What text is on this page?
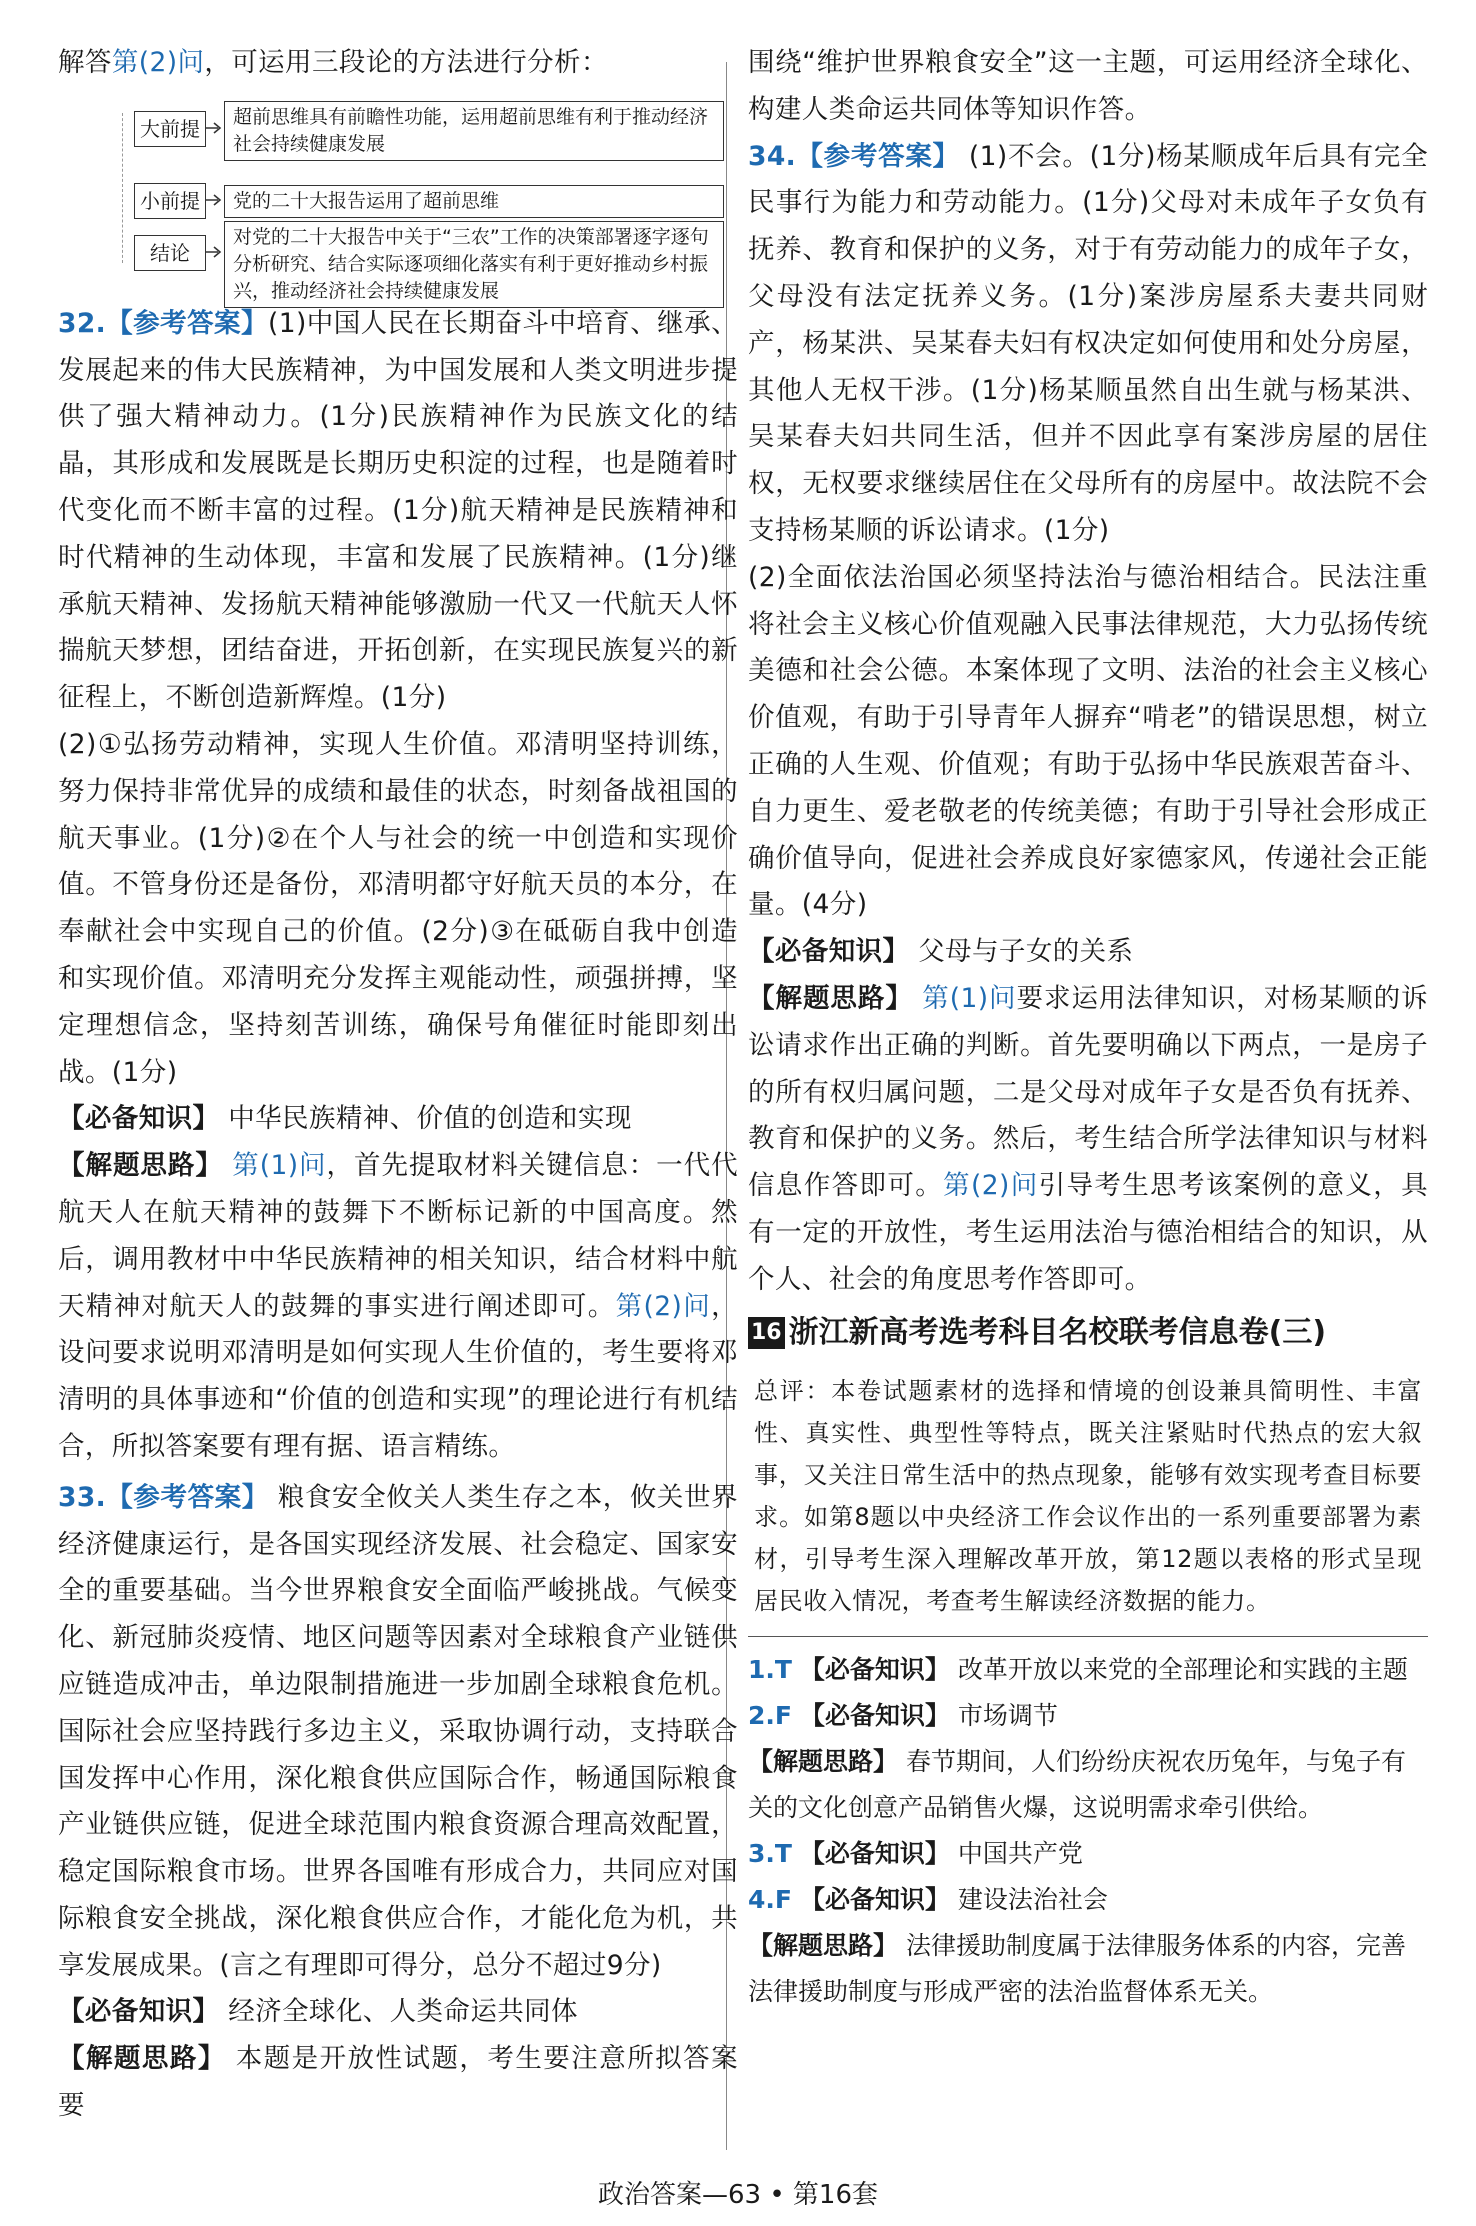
解答第(2)问，可运用三段论的方法进行分析：

大前提	超前思维具有前瞻性功能，运用超前思维有利于推动经济社会持续健康发展
小前提	党的二十大报告运用了超前思维
结论
对党的二十大报告中关于“三农”工作的决策部署逐字逐句分析研究、结合实际逐项细化落实有利于更好推动乡村振兴，推动经济社会持续健康发展

32.【参考答案】(1)中国人民在长期奋斗中培育、继承、发展起来的伟大民族精神，为中国发展和人类文明进步提供了强大精神动力。(1分)民族精神作为民族文化的结晶，其形成和发展既是长期历史积淀的过程，也是随着时代变化而不断丰富的过程。(1分)航天精神是民族精神和时代精神的生动体现，丰富和发展了民族精神。(1分)继承航天精神、发扬航天精神能够激励一代又一代航天人怀揣航天梦想，团结奋进，开拓创新，在实现民族复兴的新征程上，不断创造新辉煌。(1分)

(2)①弘扬劳动精神，实现人生价值。邓清明坚持训练，努力保持非常优异的成绩和最佳的状态，时刻备战祖国的航天事业。(1分)②在个人与社会的统一中创造和实现价值。不管身份还是备份，邓清明都守好航天员的本分，在奉献社会中实现自己的价值。(2分)③在砥砺自我中创造和实现价值。邓清明充分发挥主观能动性，顽强拼搏，坚定理想信念，坚持刻苦训练，确保号角催征时能即刻出战。(1分)

【必备知识】 中华民族精神、价值的创造和实现

【解题思路】 第(1)问，首先提取材料关键信息：一代代航天人在航天精神的鼓舞下不断标记新的中国高度。然后，调用教材中中华民族精神的相关知识，结合材料中航天精神对航天人的鼓舞的事实进行阐述即可。第(2)问，设问要求说明邓清明是如何实现人生价值的，考生要将邓清明的具体事迹和“价值的创造和实现”的理论进行有机结合，所拟答案要有理有据、语言精练。

33.【参考答案】 粮食安全攸关人类生存之本，攸关世界经济健康运行，是各国实现经济发展、社会稳定、国家安全的重要基础。当今世界粮食安全面临严峻挑战。气候变化、新冠肺炎疫情、地区问题等因素对全球粮食产业链供应链造成冲击，单边限制措施进一步加剧全球粮食危机。国际社会应坚持践行多边主义，采取协调行动，支持联合国发挥中心作用，深化粮食供应国际合作，畅通国际粮食产业链供应链，促进全球范围内粮食资源合理高效配置，稳定国际粮食市场。世界各国唯有形成合力，共同应对国际粮食安全挑战，深化粮食供应合作，才能化危为机，共享发展成果。(言之有理即可得分，总分不超过9分)

【必备知识】 经济全球化、人类命运共同体

【解题思路】 本题是开放性试题，考生要注意所拟答案要

围绕“维护世界粮食安全”这一主题，可运用经济全球化、构建人类命运共同体等知识作答。

34.【参考答案】 (1)不会。(1分)杨某顺成年后具有完全民事行为能力和劳动能力。(1分)父母对未成年子女负有抚养、教育和保护的义务，对于有劳动能力的成年子女，父母没有法定抚养义务。(1分)案涉房屋系夫妻共同财产，杨某洪、吴某春夫妇有权决定如何使用和处分房屋，其他人无权干涉。(1分)杨某顺虽然自出生就与杨某洪、吴某春夫妇共同生活，但并不因此享有案涉房屋的居住权，无权要求继续居住在父母所有的房屋中。故法院不会支持杨某顺的诉讼请求。(1分)

(2)全面依法治国必须坚持法治与德治相结合。民法注重将社会主义核心价值观融入民事法律规范，大力弘扬传统美德和社会公德。本案体现了文明、法治的社会主义核心价值观，有助于引导青年人摒弃“啃老”的错误思想，树立正确的人生观、价值观；有助于弘扬中华民族艰苦奋斗、自力更生、爱老敬老的传统美德；有助于引导社会形成正确价值导向，促进社会养成良好家德家风，传递社会正能量。(4分)

【必备知识】 父母与子女的关系

【解题思路】 第(1)问要求运用法律知识，对杨某顺的诉讼请求作出正确的判断。首先要明确以下两点，一是房子的所有权归属问题，二是父母对成年子女是否负有抚养、教育和保护的义务。然后，考生结合所学法律知识与材料信息作答即可。第(2)问引导考生思考该案例的意义，具有一定的开放性，考生运用法治与德治相结合的知识，从个人、社会的角度思考作答即可。

16 浙江新高考选考科目名校联考信息卷(三)

总评：本卷试题素材的选择和情境的创设兼具简明性、丰富性、真实性、典型性等特点，既关注紧贴时代热点的宏大叙事，又关注日常生活中的热点现象，能够有效实现考查目标要求。如第8题以中央经济工作会议作出的一系列重要部署为素材，引导考生深入理解改革开放，第12题以表格的形式呈现居民收入情况，考查考生解读经济数据的能力。

1.T 【必备知识】 改革开放以来党的全部理论和实践的主题

2.F 【必备知识】 市场调节

【解题思路】 春节期间，人们纷纷庆祝农历兔年，与兔子有关的文化创意产品销售火爆，这说明需求牵引供给。

3.T 【必备知识】 中国共产党

4.F 【必备知识】 建设法治社会

【解题思路】 法律援助制度属于法律服务体系的内容，完善法律援助制度与形成严密的法治监督体系无关。

政治答案—63 • 第16套
